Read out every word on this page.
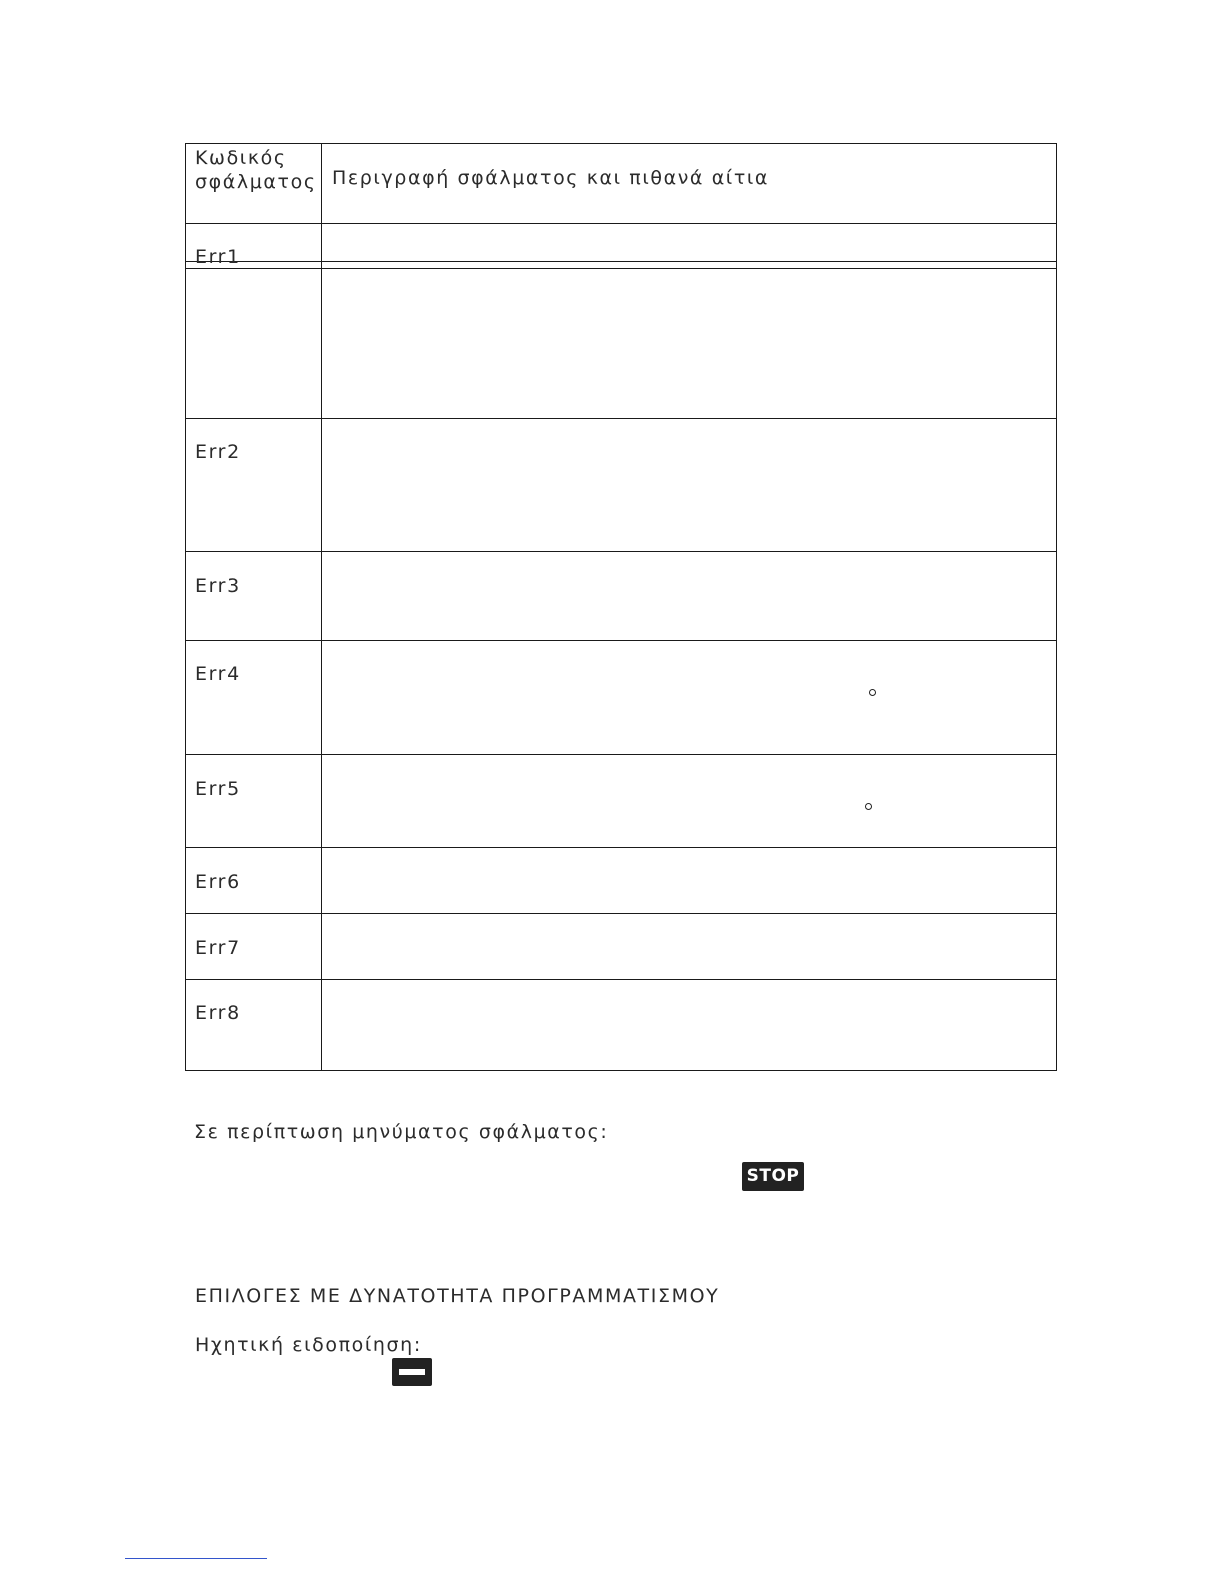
Κωδικός σφάλματος Περιγραφή σφάλματος και πιθανά αίτια
Err1
Err2
Err3
Err4
Err5
Err6
Err7
Err8
Σε περίπτωση μηνύματος σφάλματος:
STOP
ΕΠΙΛΟΓΕΣ ΜΕ ΔΥΝΑΤΟΤΗΤΑ ΠΡΟΓΡΑΜΜΑΤΙΣΜΟΥ
Ηχητική ειδοποίηση:
